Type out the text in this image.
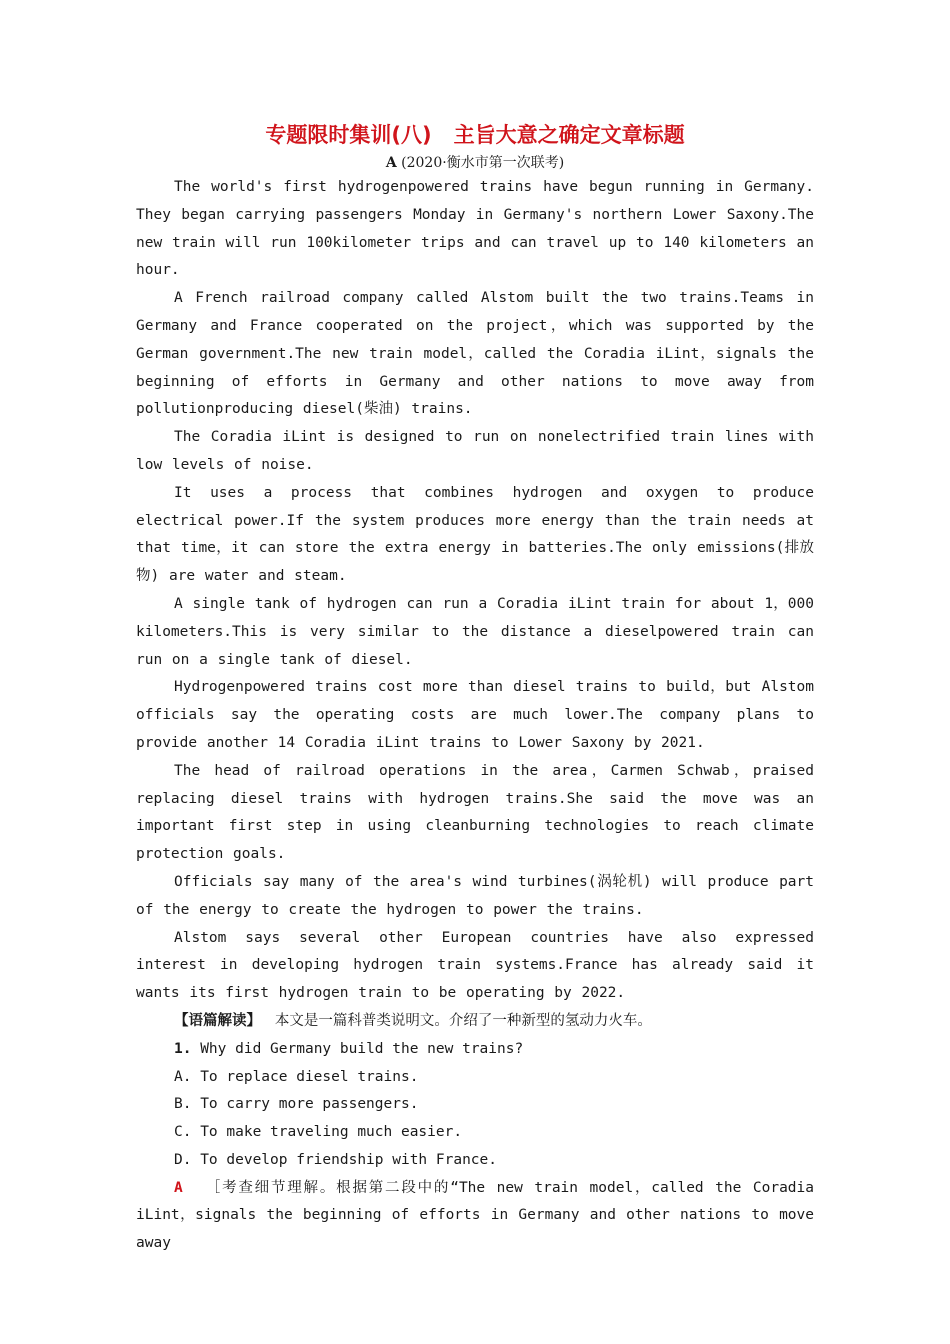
专题限时集训(八) 主旨大意之确定文章标题

A (2020·衡水市第一次联考)

The world's first hydrogenpowered trains have begun running in Germany. They began carrying passengers Monday in Germany's northern Lower Saxony.The new train will run 100kilometer trips and can travel up to 140 kilometers an hour.

A French railroad company called Alstom built the two trains.Teams in Germany and France cooperated on the project，which was supported by the German government.The new train model，called the Coradia iLint，signals the beginning of efforts in Germany and other nations to move away from pollutionproducing diesel(柴油) trains.

The Coradia iLint is designed to run on nonelectrified train lines with low levels of noise.

It uses a process that combines hydrogen and oxygen to produce electrical power.If the system produces more energy than the train needs at that time，it can store the extra energy in batteries.The only emissions(排放物) are water and steam.

A single tank of hydrogen can run a Coradia iLint train for about 1，000 kilometers.This is very similar to the distance a dieselpowered train can run on a single tank of diesel.

Hydrogenpowered trains cost more than diesel trains to build，but Alstom officials say the operating costs are much lower.The company plans to provide another 14 Coradia iLint trains to Lower Saxony by 2021.

The head of railroad operations in the area，Carmen Schwab，praised replacing diesel trains with hydrogen trains.She said the move was an important first step in using cleanburning technologies to reach climate protection goals.

Officials say many of the area's wind turbines(涡轮机) will produce part of the energy to create the hydrogen to power the trains.

Alstom says several other European countries have also expressed interest in developing hydrogen train systems.France has already said it wants its first hydrogen train to be operating by 2022.

【语篇解读】 本文是一篇科普类说明文。介绍了一种新型的氢动力火车。

1. Why did Germany build the new trains?

A. To replace diesel trains.

B. To carry more passengers.

C. To make traveling much easier.

D. To develop friendship with France.

A ［考查细节理解。根据第二段中的“The new train model，called the Coradia iLint，signals the beginning of efforts in Germany and other nations to move away
